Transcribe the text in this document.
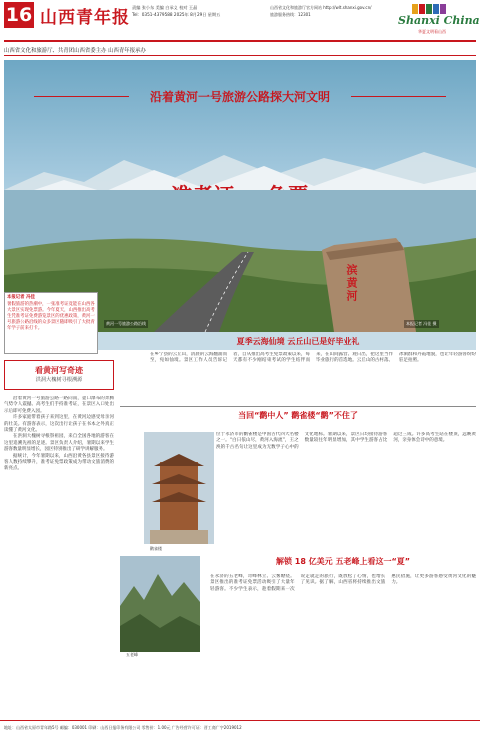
16 山西青年报
责编 张小东 美编 白承义 校对 王晶
Tel：0351-4379588 2025年 8月29日 星期五
山西省文化和旅游厅官方网站 http://wlt.shanxi.gov.cn/
旅游服务热线：12301	Shanxi China
华夏文明看山西
山西省文化和旅游厅、共青团山西省委主办 山西青年报承办
沿着黄河一号旅游公路探大河文明
滨黄河
黄河一号旅游公路沿线	本报记者 冯佳 摄
本报记者 冯佳
暑假旅游的热潮中，一张准考证竟能在山西各大景区实现免票游。今年夏天，山西推出高考生凭准考证免费游览景区的优惠政策，黄河一号旅游公路沿线的众多景区随即吸引了大批青年学子前来打卡。
看黄河写奇迹
洪洞大槐树寻根溯源

沿着黄河一号旅游公路一路向南，壶口瀑布的奔腾气势令人震撼。高考生们手持准考证，在景区入口处出示后即可免费入园。

许多家庭带着孩子来到这里，在黄河边感受母亲河的壮美。有游客表示，这次出行让孩子在书本之外真正读懂了黄河文化。

在洪洞大槐树寻根祭祖园，来自全国各地的游客在这里追溯先祖的足迹。景区负责人介绍，暑期以来学生游客数量明显增长，园区特别推出了研学讲解服务。

据统计，今年暑期以来，山西沿黄各县景区接待游客人数持续攀升，准考证免票政策成为带动文旅消费的新亮点。

夏季云海仙境 云丘山已是好毕业礼
在乡宁县的云丘山，清晨的云海翻涌而至，宛如仙境。景区工作人员告诉记者，自从推出高考生免票政策以来，每天都有不少刚结束考试的学生结伴而来，在山间露营、观日出，把这里当作毕业旅行的首选地。云丘山的古村落、冰洞群和丹霞地貌，也让年轻游客纷纷驻足拍照。
当回“鹳中人” 鹳雀楼“鹳”不住了
鹳雀楼
位于永济市的鹳雀楼是中国古代四大名楼之一。“白日依山尽，黄河入海流”，王之涣的千古名句让这里成为无数学子心中的文化地标。暑期以来，景区日均接待游客数量较往年明显增加，其中学生游客占比超过三成。许多高考生站在楼顶，远眺黄河，亲身体会诗中的意境。
五老峰
解锁 18 亿美元 五老峰上看这一“夏”
在永济的五老峰，奇峰林立、云雾缭绕。景区推出的准考证免票活动吸引了大量年轻游客。不少学生表示，趁着假期来一次说走就走的旅行，既放松了心情，也增长了见识。据了解，山西省将持续推出文旅惠民措施，让更多游客感受黄河文化的魅力。
地址：山西省太原市青年路5号 邮编：030001 印刷：山西日报印务有限公司 零售价：1.00元 广告经营许可证：晋工商广字2019012
